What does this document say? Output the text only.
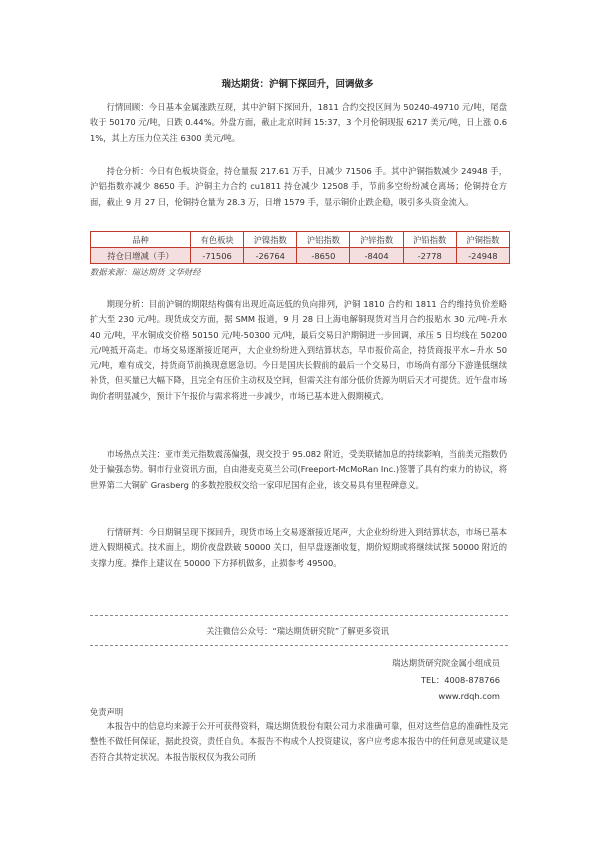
瑞达期货：沪铜下探回升，回调做多
行情回顾：今日基本金属涨跌互现，其中沪铜下探回升，1811 合约交投区间为 50240-49710 元/吨，尾盘收于 50170 元/吨，日跌 0.44%。外盘方面，截止北京时间 15:37，3 个月伦铜现报 6217 美元/吨，日上涨 0.61%，其上方压力位关注 6300 美元/吨。
持仓分析：今日有色板块资金，持仓量报 217.61 万手，日减少 71506 手。其中沪铜指数减少 24948 手，沪铝指数亦减少 8650 手。沪铜主力合约 cu1811 持仓减少 12508 手，节前多空纷纷减仓离场；伦铜持仓方面，截止 9 月 27 日，伦铜持仓量为 28.3 万，日增 1579 手，显示铜价止跌企稳，吸引多头资金流入。
品种	有色板块	沪镍指数	沪铝指数	沪锌指数	沪铅指数	沪铜指数
持仓日增减（手）	-71506	-26764	-8650	-8404	-2778	-24948
数据来源：瑞达期货 文华财经
期现分析：目前沪铜的期限结构偶有出现近高远低的负向排列，沪铜 1810 合约和 1811 合约维持负价差略扩大至 230 元/吨。现货成交方面，据 SMM 报道，9 月 28 日上海电解铜现货对当月合约报贴水 30 元/吨-升水 40 元/吨，平水铜成交价格 50150 元/吨-50300 元/吨，最后交易日沪期铜进一步回调，承压 5 日均线在 50200 元/吨抵开高走。市场交易逐渐接近尾声，大企业纷纷进入到结算状态，早市报价高企，持货商报平水~升水 50 元/吨，难有成交，持货商节前换现意愿急切。今日是国庆长假前的最后一个交易日，市场尚有部分下游逢低继续补货，但买量已大幅下降，且完全有压价主动权及空间，但需关注有部分低价货源为明后天才可提货。近午盘市场询价者明显减少，预计下午报价与需求将进一步减少，市场已基本进入假期模式。
市场热点关注：亚市美元指数震荡偏强，现交投于 95.082 附近，受美联储加息的持续影响，当前美元指数仍处于偏强态势。铜市行业资讯方面，自由港麦克莫兰公司(Freeport-McMoRan Inc.)签署了具有约束力的协议，将世界第二大铜矿 Grasberg 的多数控股权交给一家印尼国有企业，该交易具有里程碑意义。
行情研判：今日期铜呈现下探回升，现货市场上交易逐渐接近尾声，大企业纷纷进入到结算状态，市场已基本进入假期模式。技术面上，期价夜盘跌破 50000 关口，但早盘逐渐收复，期价短期或将继续试探 50000 附近的支撑力度。操作上建议在 50000 下方择机做多，止损参考 49500。
关注微信公众号：“瑞达期货研究院”了解更多资讯
瑞达期货研究院金属小组成员
TEL：4008-878766
www.rdqh.com
免责声明
本报告中的信息均来源于公开可获得资料，瑞达期货股份有限公司力求准确可靠，但对这些信息的准确性及完整性不做任何保证，据此投资，责任自负。本报告不构成个人投资建议，客户应考虑本报告中的任何意见或建议是否符合其特定状况。本报告版权仅为我公司所
